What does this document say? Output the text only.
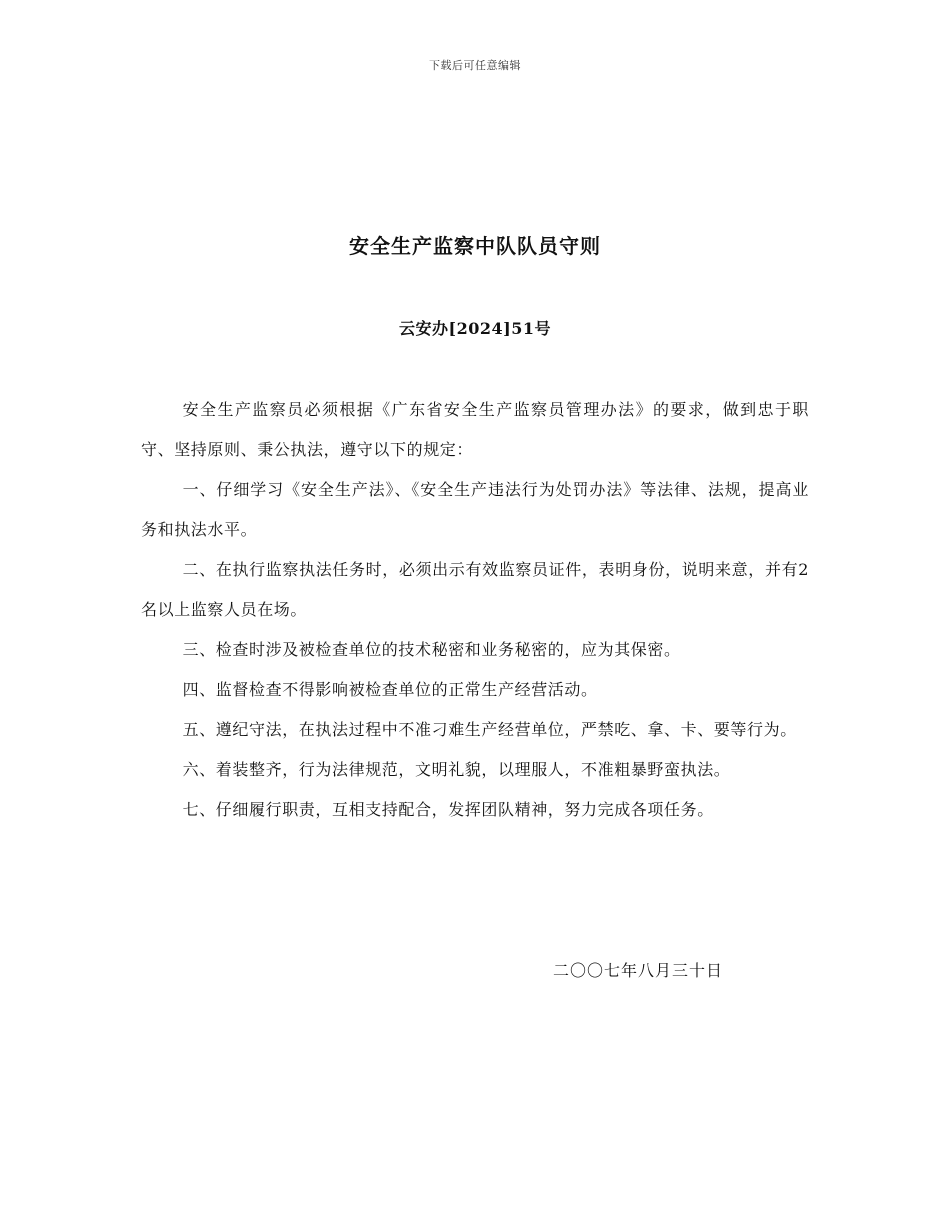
下载后可任意编辑
安全生产监察中队队员守则
云安办[2024]51号

安全生产监察员必须根据《广东省安全生产监察员管理办法》的要求，做到忠于职守、坚持原则、秉公执法，遵守以下的规定：

一、仔细学习《安全生产法》、《安全生产违法行为处罚办法》等法律、法规，提高业务和执法水平。

二、在执行监察执法任务时，必须出示有效监察员证件，表明身份，说明来意，并有2 名以上监察人员在场。

三、检查时涉及被检查单位的技术秘密和业务秘密的，应为其保密。

四、监督检查不得影响被检查单位的正常生产经营活动。

五、遵纪守法，在执法过程中不准刁难生产经营单位，严禁吃、拿、卡、要等行为。

六、着装整齐，行为法律规范，文明礼貌，以理服人，不准粗暴野蛮执法。

七、仔细履行职责，互相支持配合，发挥团队精神，努力完成各项任务。

二〇〇七年八月三十日
